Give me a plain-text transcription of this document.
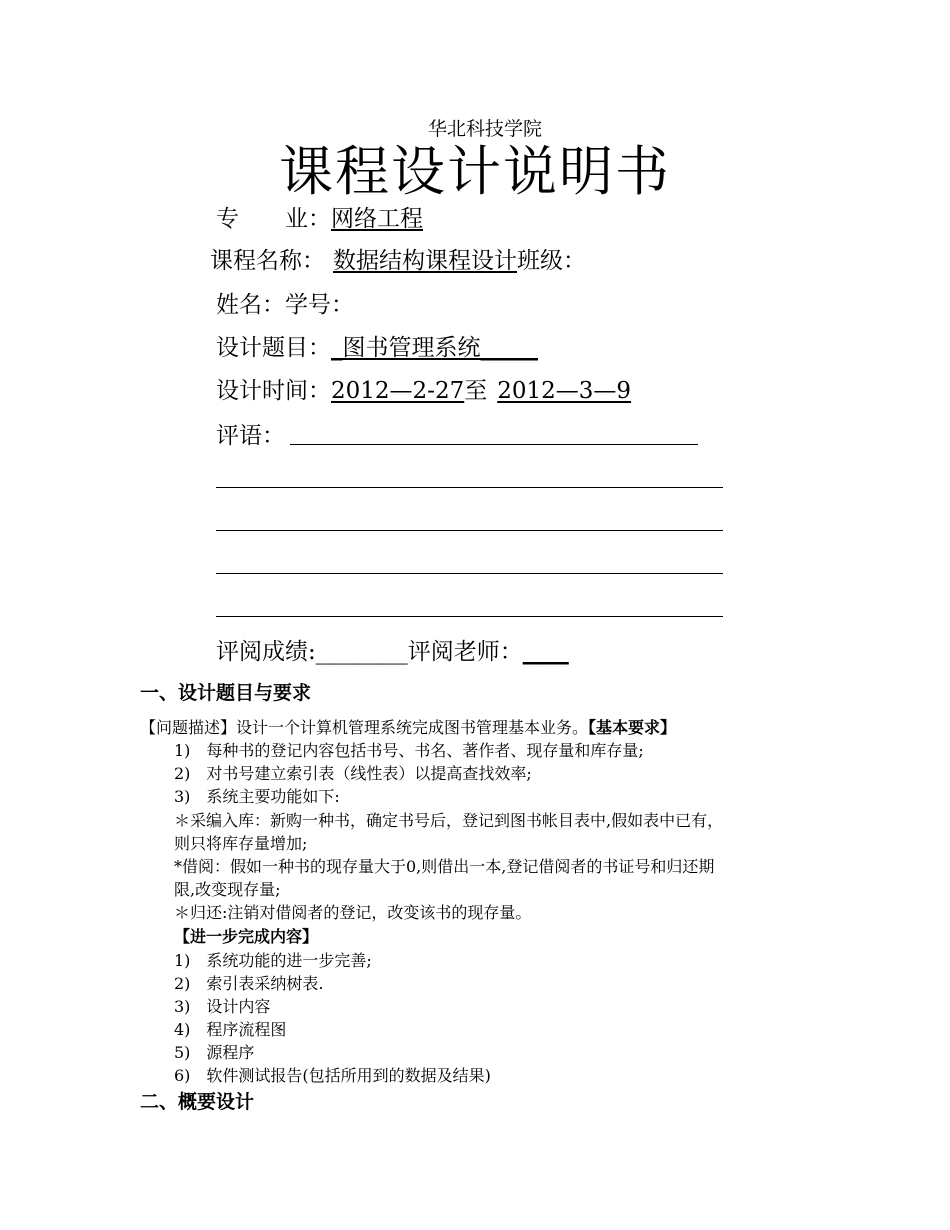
华北科技学院
课程设计说明书
专　　业：网络工程
课程名称： 数据结构课程设计班级：
姓名：学号：
设计题目：_图书管理系统_____
设计时间：2012—2-27至 2012—3—9
评语：
评阅成绩:________评阅老师：____
一、设计题目与要求
【问题描述】设计一个计算机管理系统完成图书管理基本业务。【基本要求】
1)　每种书的登记内容包括书号、书名、著作者、现存量和库存量;
2)　对书号建立索引表（线性表）以提高查找效率;
3)　系统主要功能如下:
＊采编入库：新购一种书，确定书号后，登记到图书帐目表中,假如表中已有，
则只将库存量增加;
*借阅：假如一种书的现存量大于0,则借出一本,登记借阅者的书证号和归还期
限,改变现存量;
＊归还:注销对借阅者的登记，改变该书的现存量。
【进一步完成内容】
1)　系统功能的进一步完善;
2)　索引表采纳树表.
3)　设计内容
4)　程序流程图
5)　源程序
6)　软件测试报告(包括所用到的数据及结果)
二、概要设计
